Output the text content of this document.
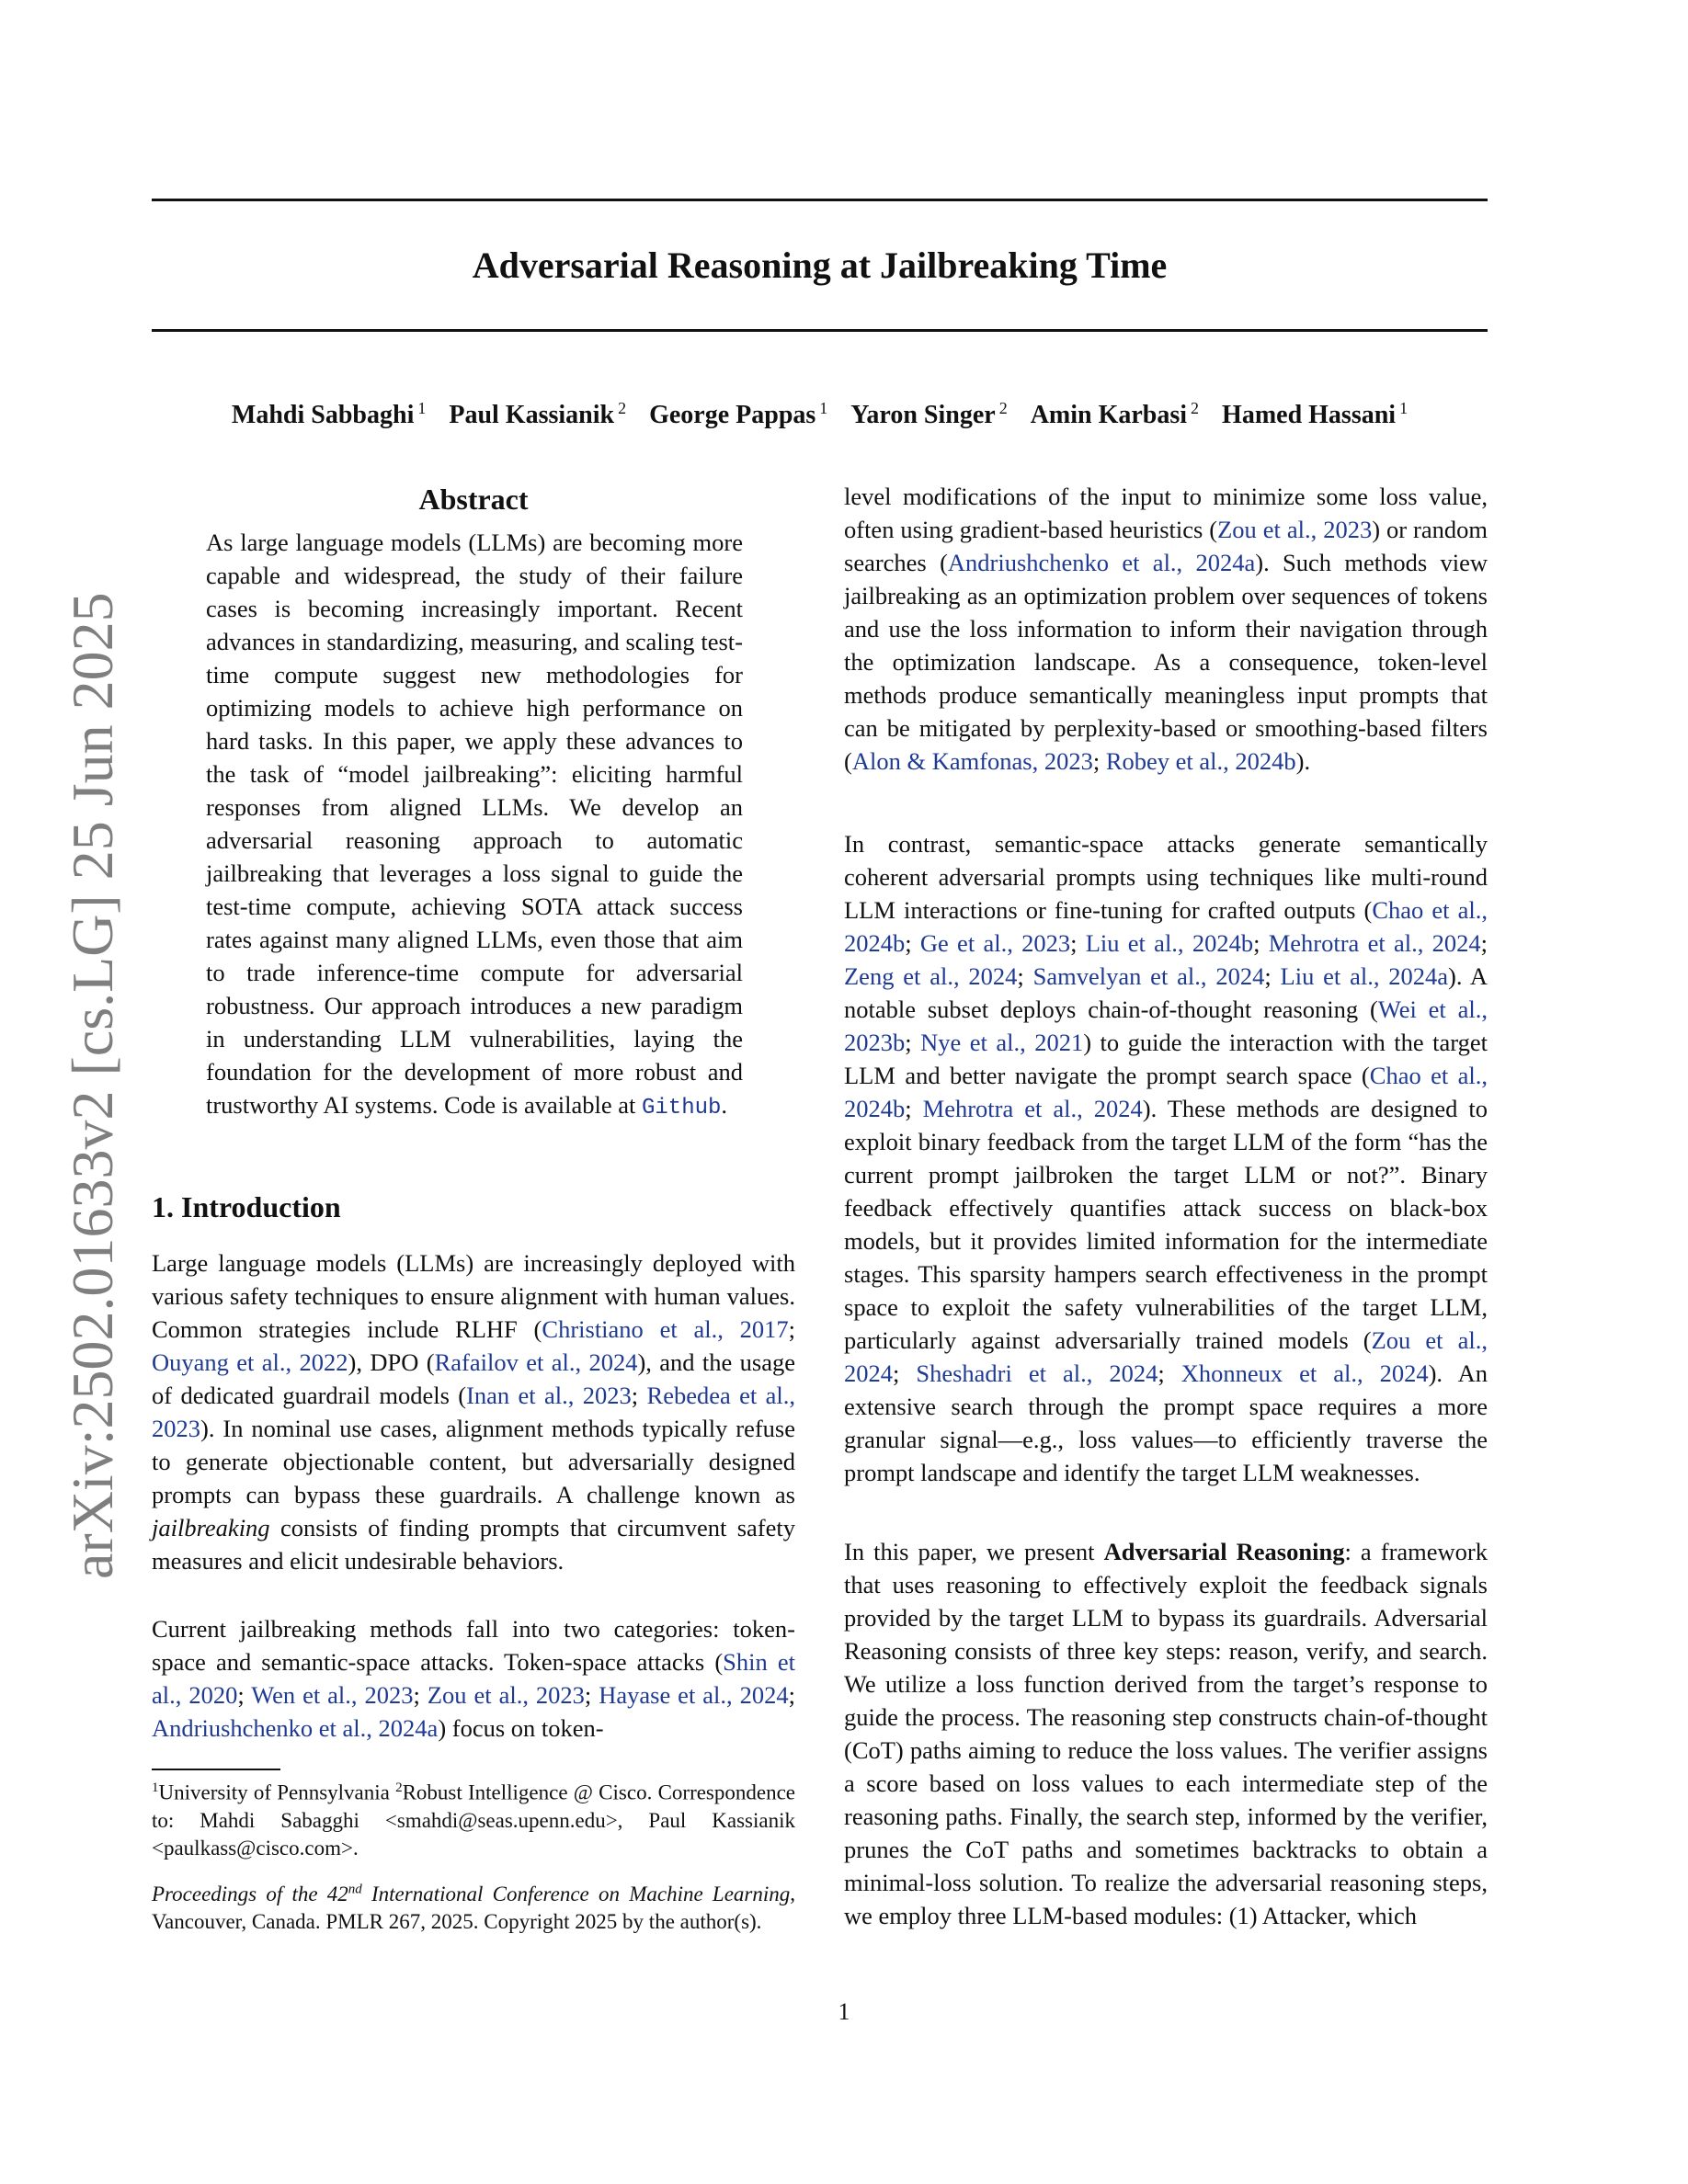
Adversarial Reasoning at Jailbreaking Time
Mahdi Sabbaghi $^1$ Paul Kassianik $^2$ George Pappas $^1$ Yaron Singer $^2$ Amin Karbasi $^2$ Hamed Hassani $^1$
arXiv:2502.01633v2 [cs.LG] 25 Jun 2025
Abstract

As large language models (LLMs) are becoming more capable and widespread, the study of their failure cases is becoming increasingly important. Recent advances in standardizing, measuring, and scaling test-time compute suggest new methodologies for optimizing models to achieve high performance on hard tasks. In this paper, we apply these advances to the task of “model jailbreaking”: eliciting harmful responses from aligned LLMs. We develop an adversarial reasoning approach to automatic jailbreaking that leverages a loss signal to guide the test-time compute, achieving SOTA attack success rates against many aligned LLMs, even those that aim to trade inference-time compute for adversarial robustness. Our approach introduces a new paradigm in understanding LLM vulnerabilities, laying the foundation for the development of more robust and trustworthy AI systems. Code is available at Github.

1. Introduction

Large language models (LLMs) are increasingly deployed with various safety techniques to ensure alignment with human values. Common strategies include RLHF (Christiano et al., 2017; Ouyang et al., 2022), DPO (Rafailov et al., 2024), and the usage of dedicated guardrail models (Inan et al., 2023; Rebedea et al., 2023). In nominal use cases, alignment methods typically refuse to generate objectionable content, but adversarially designed prompts can bypass these guardrails. A challenge known as jailbreaking consists of finding prompts that circumvent safety measures and elicit undesirable behaviors.

Current jailbreaking methods fall into two categories: token-space and semantic-space attacks. Token-space attacks (Shin et al., 2020; Wen et al., 2023; Zou et al., 2023; Hayase et al., 2024; Andriushchenko et al., 2024a) focus on token-

$^1$University of Pennsylvania $^2$Robust Intelligence @ Cisco. Correspondence to: Mahdi Sabagghi <smahdi@seas.upenn.edu>, Paul Kassianik <paulkass@cisco.com>.
Proceedings of the 42nd International Conference on Machine Learning, Vancouver, Canada. PMLR 267, 2025. Copyright 2025 by the author(s).

level modifications of the input to minimize some loss value, often using gradient-based heuristics (Zou et al., 2023) or random searches (Andriushchenko et al., 2024a). Such methods view jailbreaking as an optimization problem over sequences of tokens and use the loss information to inform their navigation through the optimization landscape. As a consequence, token-level methods produce semantically meaningless input prompts that can be mitigated by perplexity-based or smoothing-based filters (Alon & Kamfonas, 2023; Robey et al., 2024b).

In contrast, semantic-space attacks generate semantically coherent adversarial prompts using techniques like multi-round LLM interactions or fine-tuning for crafted outputs (Chao et al., 2024b; Ge et al., 2023; Liu et al., 2024b; Mehrotra et al., 2024; Zeng et al., 2024; Samvelyan et al., 2024; Liu et al., 2024a). A notable subset deploys chain-of-thought reasoning (Wei et al., 2023b; Nye et al., 2021) to guide the interaction with the target LLM and better navigate the prompt search space (Chao et al., 2024b; Mehrotra et al., 2024). These methods are designed to exploit binary feedback from the target LLM of the form “has the current prompt jailbroken the target LLM or not?”. Binary feedback effectively quantifies attack success on black-box models, but it provides limited information for the intermediate stages. This sparsity hampers search effectiveness in the prompt space to exploit the safety vulnerabilities of the target LLM, particularly against adversarially trained models (Zou et al., 2024; Sheshadri et al., 2024; Xhonneux et al., 2024). An extensive search through the prompt space requires a more granular signal—e.g., loss values—to efficiently traverse the prompt landscape and identify the target LLM weaknesses.

In this paper, we present Adversarial Reasoning: a framework that uses reasoning to effectively exploit the feedback signals provided by the target LLM to bypass its guardrails. Adversarial Reasoning consists of three key steps: reason, verify, and search. We utilize a loss function derived from the target’s response to guide the process. The reasoning step constructs chain-of-thought (CoT) paths aiming to reduce the loss values. The verifier assigns a score based on loss values to each intermediate step of the reasoning paths. Finally, the search step, informed by the verifier, prunes the CoT paths and sometimes backtracks to obtain a minimal-loss solution. To realize the adversarial reasoning steps, we employ three LLM-based modules: (1) Attacker, which

1
